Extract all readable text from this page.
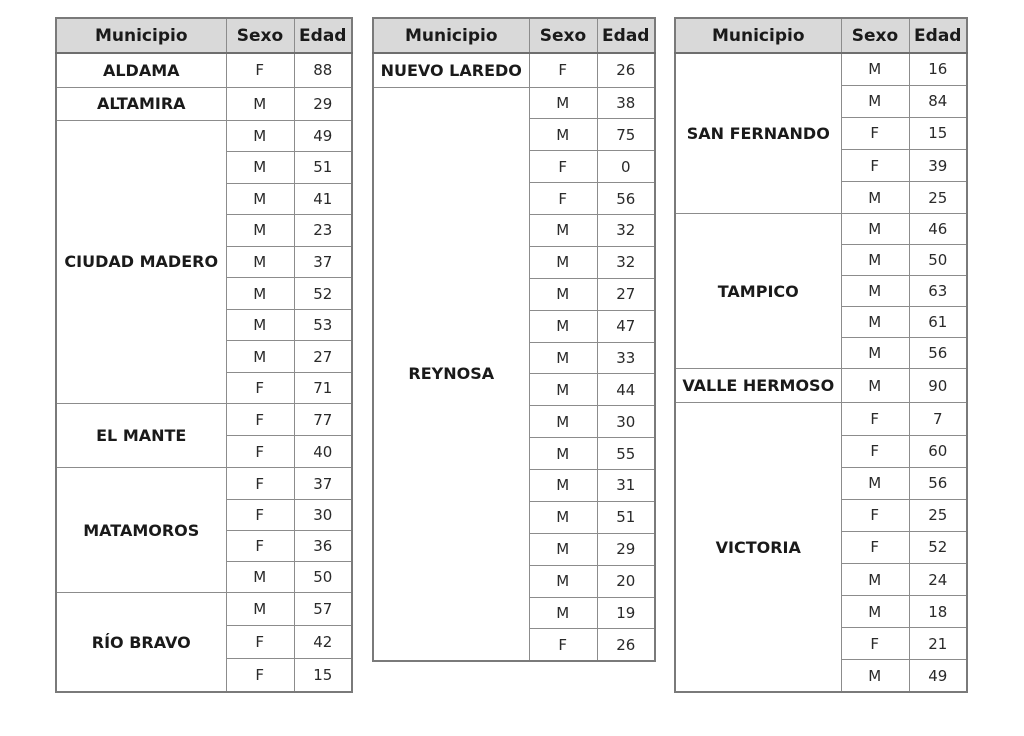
Municipio	Sexo	Edad
ALDAMA	F	88
ALTAMIRA	M	29
CIUDAD MADERO	M	49
	M	51
	M	41
	M	23
	M	37
	M	52
	M	53
	M	27
	F	71
EL MANTE	F	77
	F	40
MATAMOROS	F	37
	F	30
	F	36
	M	50
RÍO BRAVO	M	57
	F	42
	F	15
Municipio	Sexo	Edad
NUEVO LAREDO	F	26
REYNOSA	M	38
	M	75
	F	0
	F	56
	M	32
	M	32
	M	27
	M	47
	M	33
	M	44
	M	30
	M	55
	M	31
	M	51
	M	29
	M	20
	M	19
	F	26
Municipio	Sexo	Edad
SAN FERNANDO	M	16
	M	84
	F	15
	F	39
	M	25
TAMPICO	M	46
	M	50
	M	63
	M	61
	M	56
VALLE HERMOSO	M	90
VICTORIA	F	7
	F	60
	M	56
	F	25
	F	52
	M	24
	M	18
	F	21
	M	49
